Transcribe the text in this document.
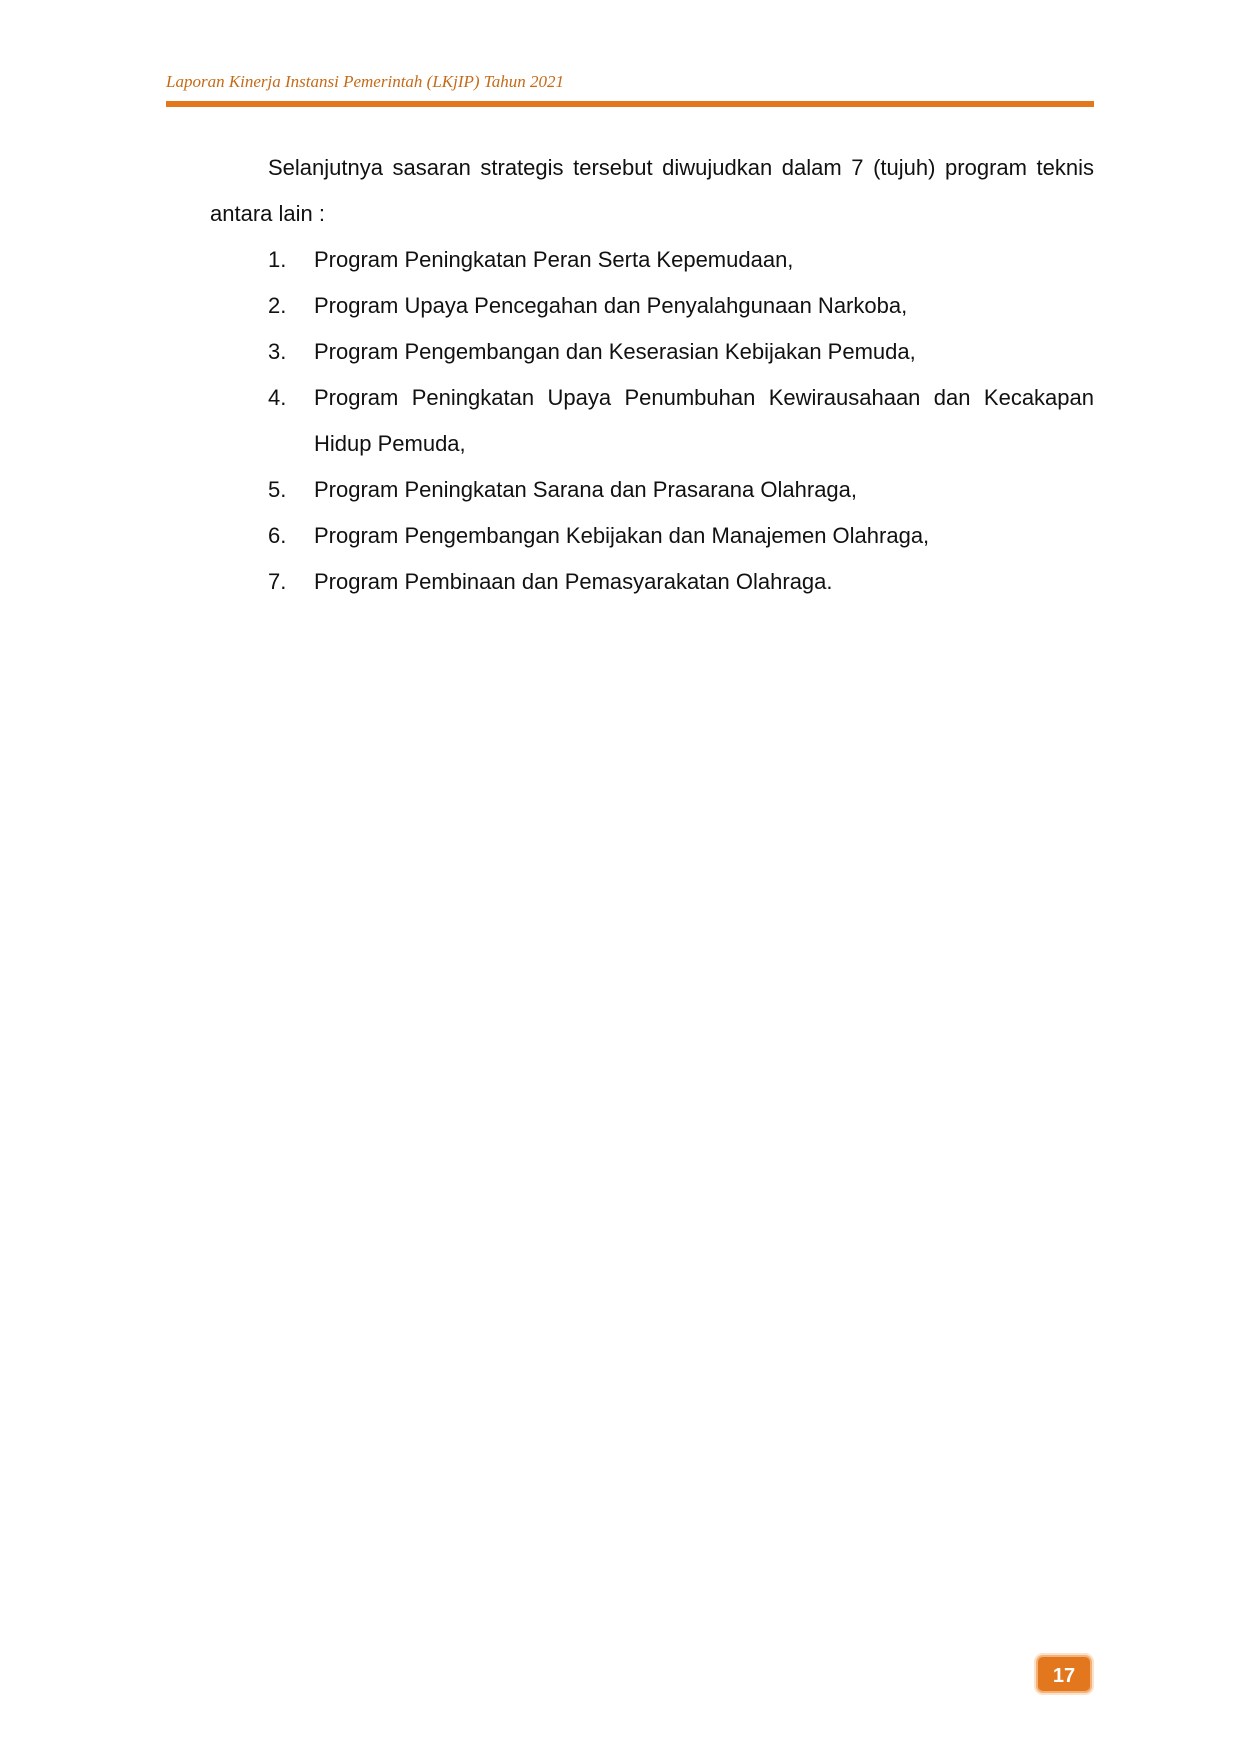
Laporan Kinerja Instansi Pemerintah (LKjIP) Tahun 2021

Selanjutnya sasaran strategis tersebut diwujudkan dalam 7 (tujuh) program teknis antara lain :

1.	Program Peningkatan Peran Serta Kepemudaan,
2.	Program Upaya Pencegahan dan Penyalahgunaan Narkoba,
3.	Program Pengembangan dan Keserasian Kebijakan Pemuda,
4.	Program Peningkatan Upaya Penumbuhan Kewirausahaan dan Kecakapan Hidup Pemuda,
5.	Program Peningkatan Sarana dan Prasarana Olahraga,
6.	Program Pengembangan Kebijakan dan Manajemen Olahraga,
7.	Program Pembinaan dan Pemasyarakatan Olahraga.
17
